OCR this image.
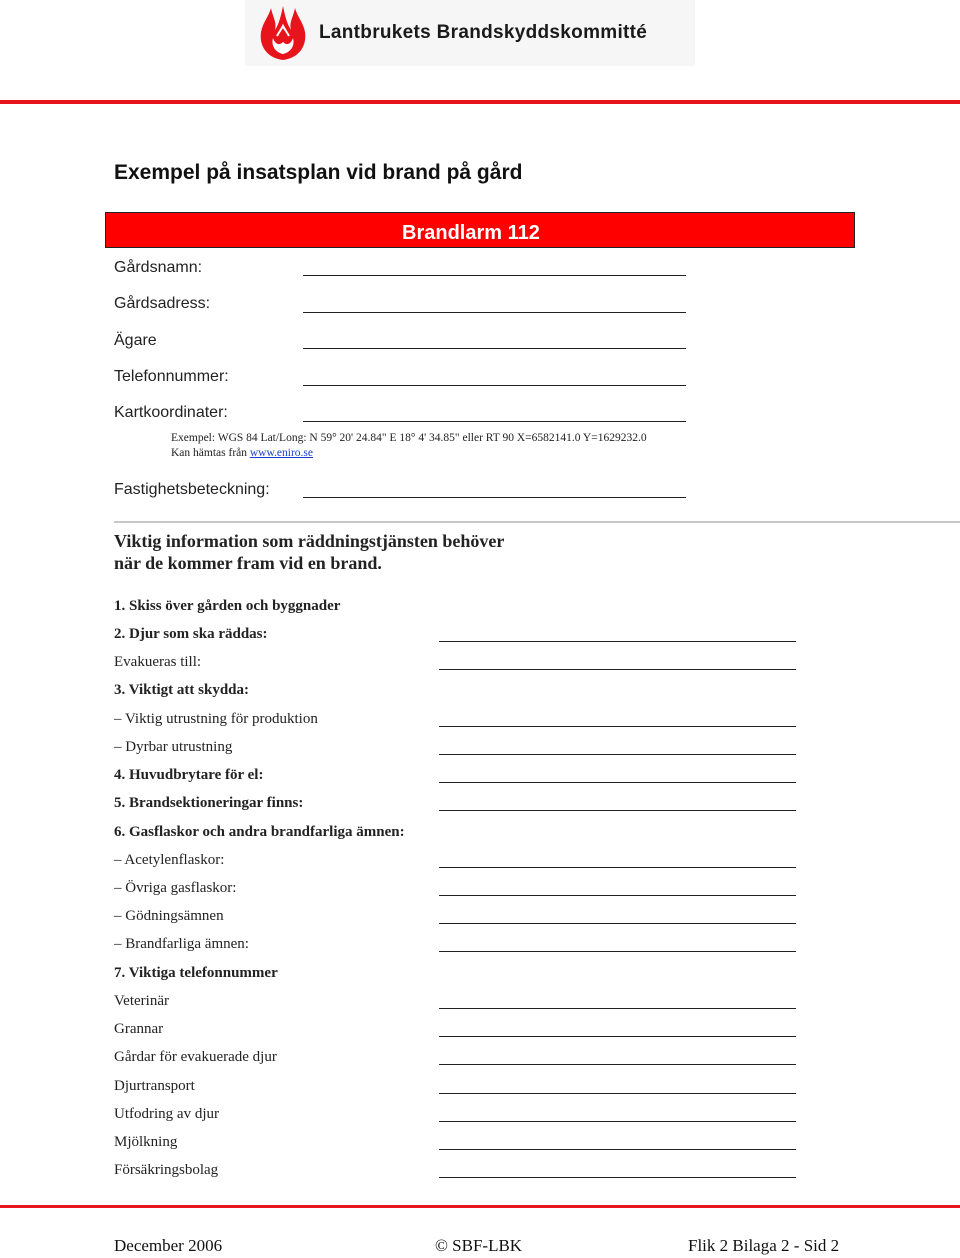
Lantbrukets Brandskyddskommitté
Exempel på insatsplan vid brand på gård
Brandlarm 112
Gårdsnamn:
Gårdsadress:
Ägare
Telefonnummer:
Kartkoordinater:
Exempel: WGS 84 Lat/Long: N 59° 20' 24.84" E 18° 4' 34.85" eller RT 90 X=6582141.0 Y=1629232.0
Kan hämtas från www.eniro.se
Fastighetsbeteckning:
Viktig information som räddningstjänsten behöver
när de kommer fram vid en brand.
1. Skiss över gården och byggnader
2. Djur som ska räddas:
Evakueras till:
3. Viktigt att skydda:
– Viktig utrustning för produktion
– Dyrbar utrustning
4. Huvudbrytare för el:
5. Brandsektioneringar finns:
6. Gasflaskor och andra brandfarliga ämnen:
– Acetylenflaskor:
– Övriga gasflaskor:
– Gödningsämnen
– Brandfarliga ämnen:
7. Viktiga telefonnummer
Veterinär
Grannar
Gårdar för evakuerade djur
Djurtransport
Utfodring av djur
Mjölkning
Försäkringsbolag
December 2006	© SBF-LBK	Flik 2 Bilaga 2 - Sid 2
